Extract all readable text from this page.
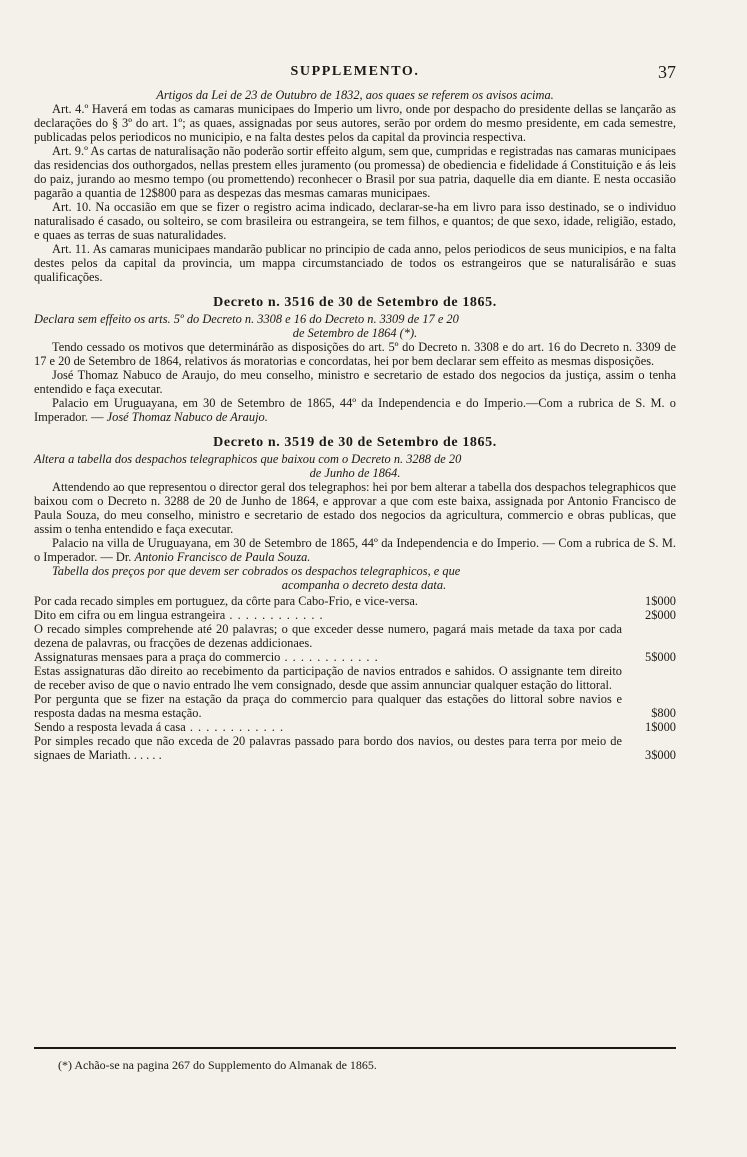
SUPPLEMENTO.	37

Artigos da Lei de 23 de Outubro de 1832, aos quaes se referem os avisos acima.

Art. 4.º Haverá em todas as camaras municipaes do Imperio um livro, onde por despacho do presidente dellas se lançarão as declarações do § 3º do art. 1º; as quaes, assignadas por seus autores, serão por ordem do mesmo presidente, em cada semestre, publicadas pelos periodicos no municipio, e na falta destes pelos da capital da provincia respectiva.

Art. 9.º As cartas de naturalisação não poderão sortir effeito algum, sem que, cumpridas e registradas nas camaras municipaes das residencias dos outhorgados, nellas prestem elles juramento (ou promessa) de obediencia e fidelidade á Constituição e ás leis do paiz, jurando ao mesmo tempo (ou promettendo) reconhecer o Brasil por sua patria, daquelle dia em diante. E nesta occasião pagarão a quantia de 12$800 para as despezas das mesmas camaras municipaes.

Art. 10. Na occasião em que se fizer o registro acima indicado, declarar-se-ha em livro para isso destinado, se o individuo naturalisado é casado, ou solteiro, se com brasileira ou estrangeira, se tem filhos, e quantos; de que sexo, idade, religião, estado, e quaes as terras de suas naturalidades.

Art. 11. As camaras municipaes mandarão publicar no principio de cada anno, pelos periodicos de seus municipios, e na falta destes pelos da capital da provincia, um mappa circumstanciado de todos os estrangeiros que se naturalisárão e suas qualificações.

Decreto n. 3516 de 30 de Setembro de 1865.

Declara sem effeito os arts. 5º do Decreto n. 3308 e 16 do Decreto n. 3309 de 17 e 20
de Setembro de 1864 (*).

Tendo cessado os motivos que determinárão as disposições do art. 5º do Decreto n. 3308 e do art. 16 do Decreto n. 3309 de 17 e 20 de Setembro de 1864, relativos ás moratorias e concordatas, hei por bem declarar sem effeito as mesmas disposições.

José Thomaz Nabuco de Araujo, do meu conselho, ministro e secretario de estado dos negocios da justiça, assim o tenha entendido e faça executar.

Palacio em Uruguayana, em 30 de Setembro de 1865, 44º da Independencia e do Imperio.—Com a rubrica de S. M. o Imperador. — José Thomaz Nabuco de Araujo.

Decreto n. 3519 de 30 de Setembro de 1865.

Altera a tabella dos despachos telegraphicos que baixou com o Decreto n. 3288 de 20
de Junho de 1864.

Attendendo ao que representou o director geral dos telegraphos: hei por bem alterar a tabella dos despachos telegraphicos que baixou com o Decreto n. 3288 de 20 de Junho de 1864, e approvar a que com este baixa, assignada por Antonio Francisco de Paula Souza, do meu conselho, ministro e secretario de estado dos negocios da agricultura, commercio e obras publicas, que assim o tenha entendido e faça executar.

Palacio na villa de Uruguayana, em 30 de Setembro de 1865, 44º da Independencia e do Imperio. — Com a rubrica de S. M. o Imperador. — Dr. Antonio Francisco de Paula Souza.

Tabella dos preços por que devem ser cobrados os despachos telegraphicos, e que
acompanha o decreto desta data.

Por cada recado simples em portuguez, da côrte para Cabo-Frio, e vice-versa.	1$000
Dito em cifra ou em lingua estrangeira . . .	2$000
O recado simples comprehende até 20 palavras; o que exceder desse numero, pagará mais metade da taxa por cada dezena de palavras, ou fracções de dezenas addicionaes.	
Assignaturas mensaes para a praça do commercio . . .	5$000
Estas assignaturas dão direito ao recebimento da participação de navios entrados e sahidos. O assignante tem direito de receber aviso de que o navio entrado lhe vem consignado, desde que assim annunciar qualquer estação do littoral.	
Por pergunta que se fizer na estação da praça do commercio para qualquer das estações do littoral sobre navios e resposta dadas na mesma estação.	$800
Sendo a resposta levada á casa . . .	1$000
Por simples recado que não exceda de 20 palavras passado para bordo dos navios, ou destes para terra por meio de signaes de Mariath. . . . . .	3$000
(*) Achão-se na pagina 267 do Supplemento do Almanak de 1865.
